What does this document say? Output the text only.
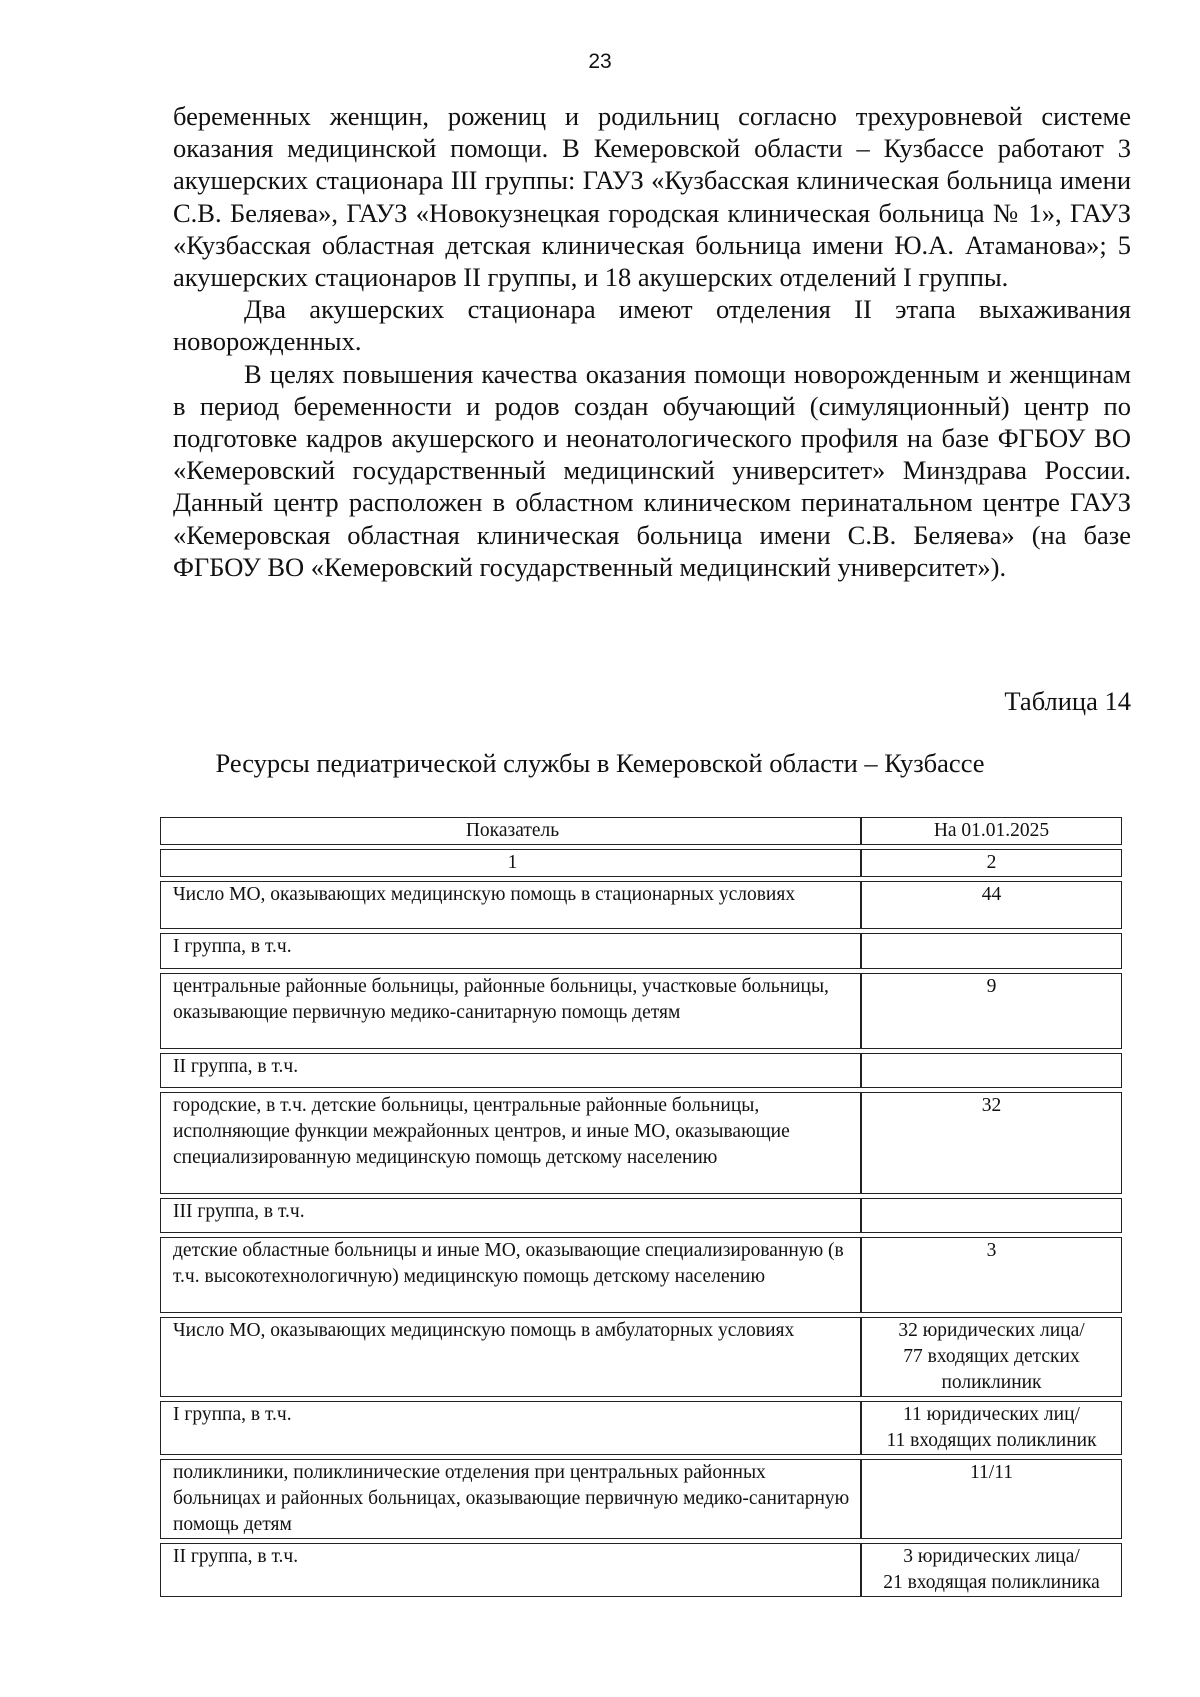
23

беременных женщин, рожениц и родильниц согласно трехуровневой системе оказания медицинской помощи. В Кемеровской области – Кузбассе работают 3 акушерских стационара III группы: ГАУЗ «Кузбасская клиническая больница имени С.В. Беляева», ГАУЗ «Новокузнецкая городская клиническая больница № 1», ГАУЗ «Кузбасская областная детская клиническая больница имени Ю.А. Атаманова»; 5 акушерских стационаров II группы, и 18 акушерских отделений I группы.

Два акушерских стационара имеют отделения II этапа выхаживания новорожденных.

В целях повышения качества оказания помощи новорожденным и женщинам в период беременности и родов создан обучающий (симуляционный) центр по подготовке кадров акушерского и неонатологического профиля на базе ФГБОУ ВО «Кемеровский государственный медицинский университет» Минздрава России. Данный центр расположен в областном клиническом перинатальном центре ГАУЗ «Кемеровская областная клиническая больница имени С.В. Беляева» (на базе ФГБОУ ВО «Кемеровский государственный медицинский университет»).

Таблица 14
Ресурсы педиатрической службы в Кемеровской области – Кузбассе
Показатель	На 01.01.2025
1	2
Число МО, оказывающих медицинскую помощь в стационарных условиях	44

I группа, в т.ч.	
центральные районные больницы, районные больницы, участковые больницы, оказывающие первичную медико-санитарную помощь детям	9

II группа, в т.ч.	
городские, в т.ч. детские больницы, центральные районные больницы, исполняющие функции межрайонных центров, и иные МО, оказывающие специализированную медицинскую помощь детскому населению	32

III группа, в т.ч.	
детские областные больницы и иные МО, оказывающие специализированную (в т.ч. высокотехнологичную) медицинскую помощь детскому населению	3

Число МО, оказывающих медицинскую помощь в амбулаторных условиях	32 юридических лица/
77 входящих детских
поликлиник

I группа, в т.ч.	11 юридических лиц/
11 входящих поликлиник

поликлиники, поликлинические отделения при центральных районных больницах и районных больницах, оказывающие первичную медико-санитарную помощь детям	11/11

II группа, в т.ч.	3 юридических лица/
21 входящая поликлиника
